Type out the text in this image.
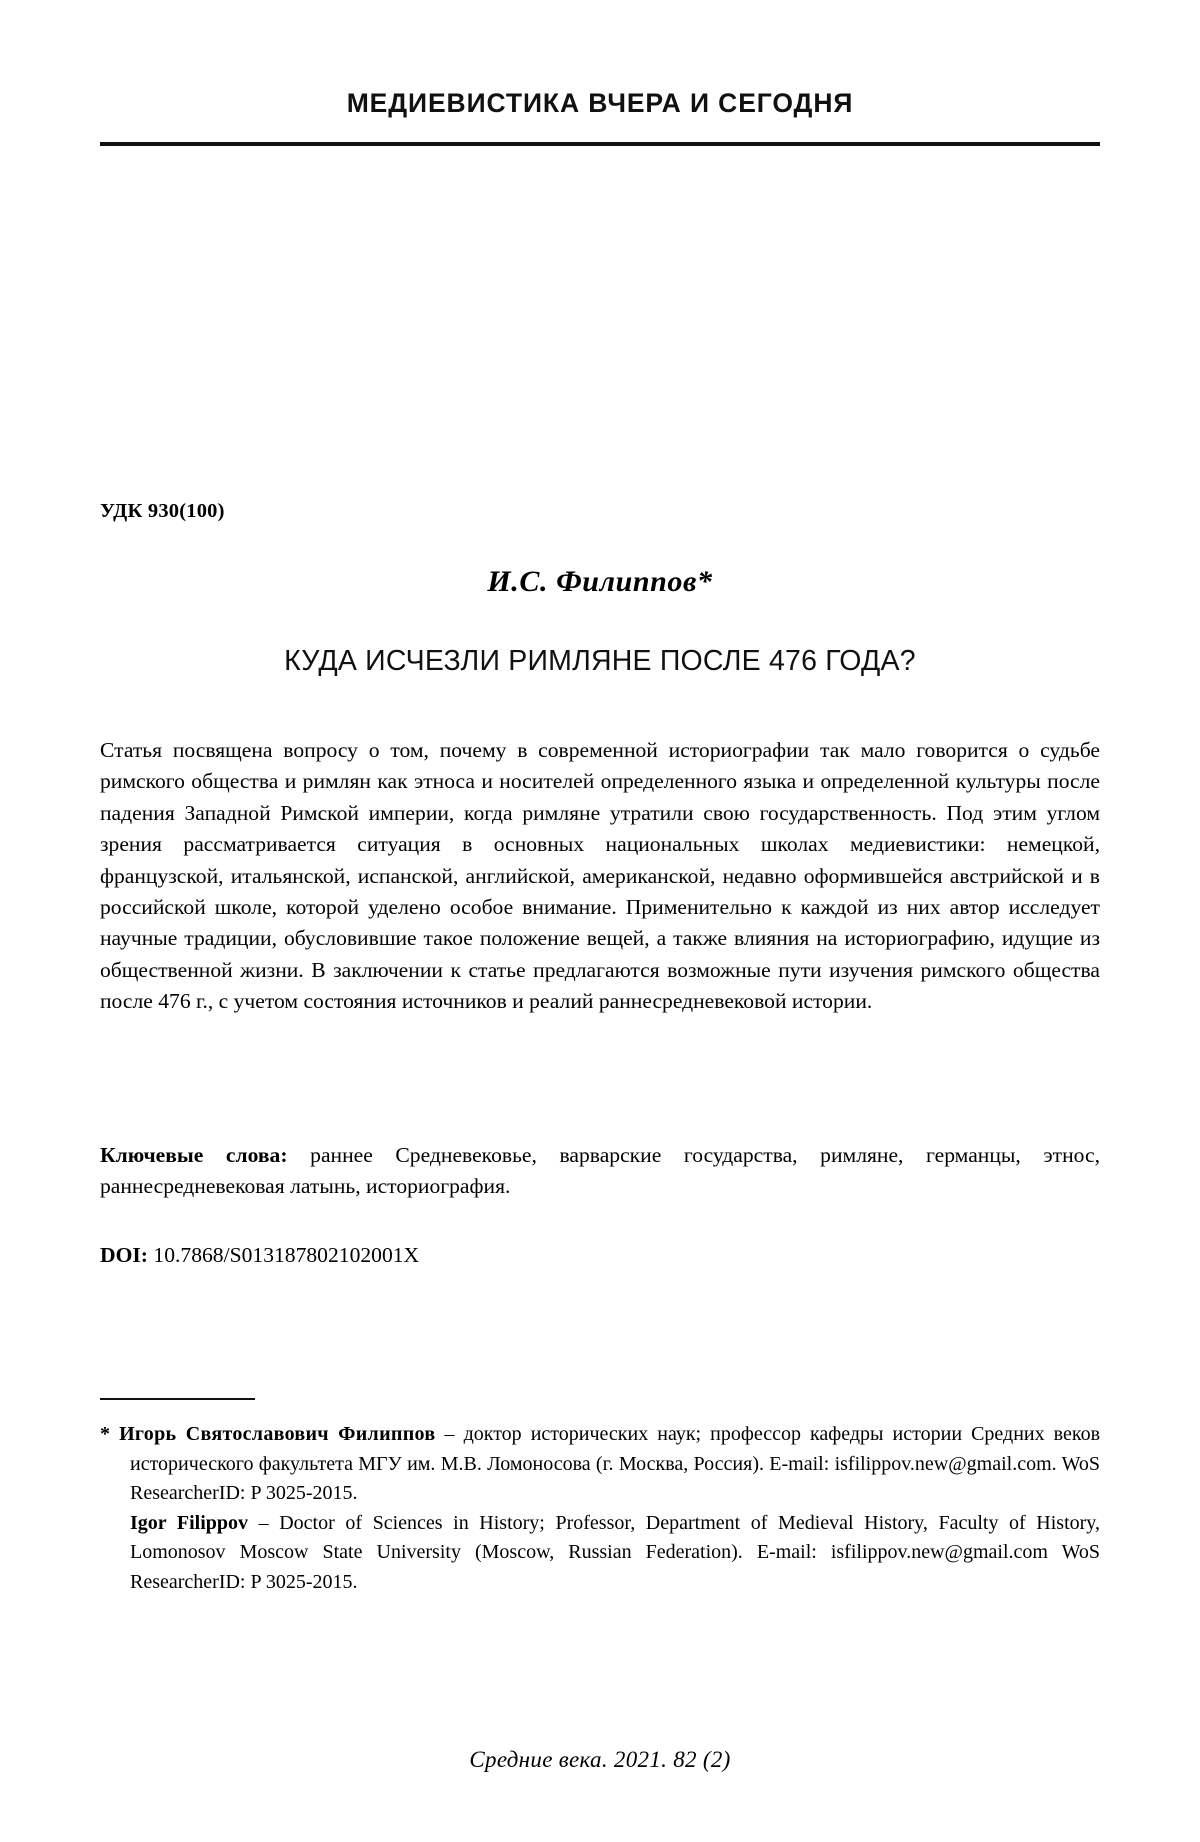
МЕДИЕВИСТИКА ВЧЕРА И СЕГОДНЯ
УДК 930(100)
И.С. Филиппов*
КУДА ИСЧЕЗЛИ РИМЛЯНЕ ПОСЛЕ 476 ГОДА?
Статья посвящена вопросу о том, почему в современной историографии так мало говорится о судьбе римского общества и римлян как этноса и носителей определенного языка и определенной культуры после падения Западной Римской империи, когда римляне утратили свою государственность. Под этим углом зрения рассматривается ситуация в основных национальных школах медиевистики: немецкой, французской, итальянской, испанской, английской, американской, недавно оформившейся австрийской и в российской школе, которой уделено особое внимание. Применительно к каждой из них автор исследует научные традиции, обусловившие такое положение вещей, а также влияния на историографию, идущие из общественной жизни. В заключении к статье предлагаются возможные пути изучения римского общества после 476 г., с учетом состояния источников и реалий раннесредневековой истории.
Ключевые слова: раннее Средневековье, варварские государства, римляне, германцы, этнос, раннесредневековая латынь, историография.
DOI: 10.7868/S013187802102001X

* Игорь Святославович Филиппов – доктор исторических наук; профессор кафедры истории Средних веков исторического факультета МГУ им. М.В. Ломоносова (г. Москва, Россия). E-mail: isfilippov.new@gmail.com. WoS ResearcherID: P 3025-2015.

Igor Filippov – Doctor of Sciences in History; Professor, Department of Medieval History, Faculty of History, Lomonosov Moscow State University (Moscow, Russian Federation). E-mail: isfilippov.new@gmail.com WoS ResearcherID: P 3025-2015.

Средние века. 2021. 82 (2)
